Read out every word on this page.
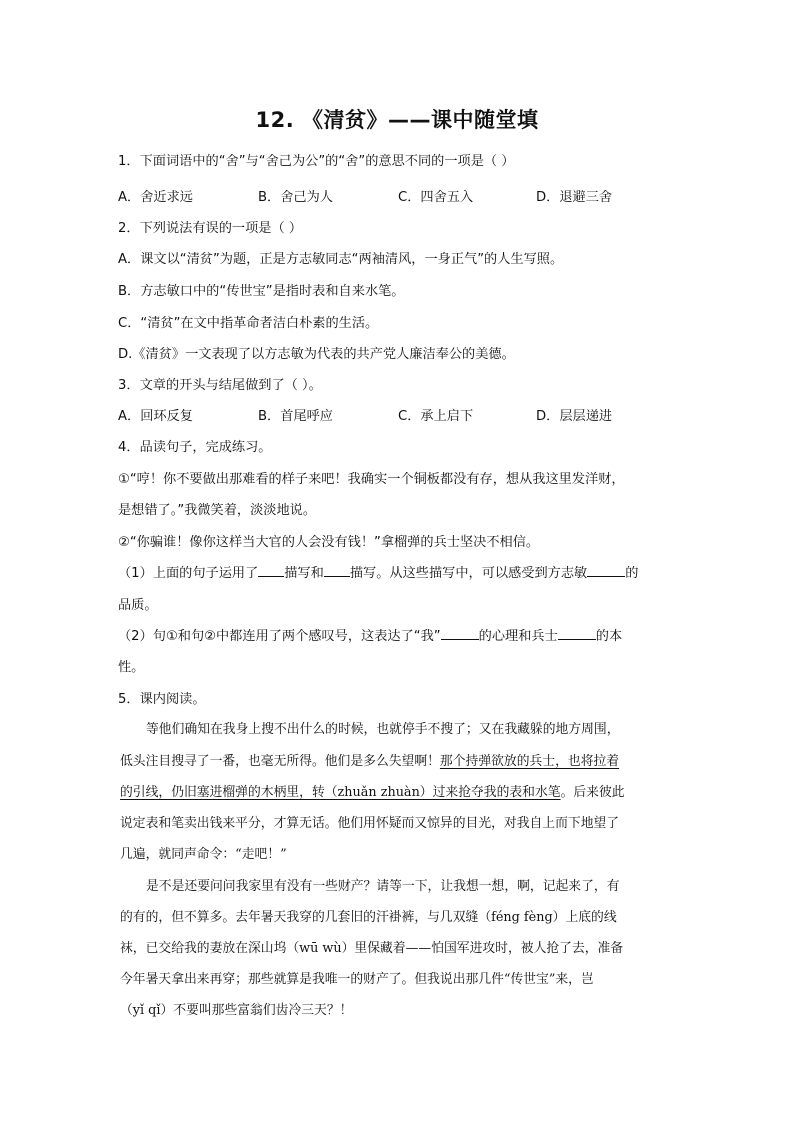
12. 《清贫》——课中随堂填
1．下面词语中的“舍”与“舍己为公”的“舍”的意思不同的一项是（ ）
A．舍近求远	B．舍己为人	C．四舍五入	D．退避三舍
2．下列说法有误的一项是（ ）
A．课文以“清贫”为题，正是方志敏同志“两袖清风，一身正气”的人生写照。
B．方志敏口中的“传世宝”是指时表和自来水笔。
C．“清贫”在文中指革命者洁白朴素的生活。
D.《清贫》一文表现了以方志敏为代表的共产党人廉洁奉公的美德。
3．文章的开头与结尾做到了（ ）。
A．回环反复	B．首尾呼应	C．承上启下	D．层层递进
4．品读句子，完成练习。
①“哼！你不要做出那难看的样子来吧！我确实一个铜板都没有存，想从我这里发洋财，
是想错了。”我微笑着，淡淡地说。
②“你骗谁！像你这样当大官的人会没有钱！”拿榴弹的兵士坚决不相信。
（1）上面的句子运用了 描写和 描写。从这些描写中，可以感受到方志敏	的
品质。
（2）句①和句②中都连用了两个感叹号，这表达了“我”	的心理和兵士	的本
性。
5．课内阅读。
等他们确知在我身上搜不出什么的时候，也就停手不搜了；又在我藏躲的地方周围，
低头注目搜寻了一番，也毫无所得。他们是多么失望啊！那个持弹欲放的兵士，也将拉着
的引线，仍旧塞进榴弹的木柄里，转（zhuǎn zhuàn）过来抢夺我的表和水笔。后来彼此
说定表和笔卖出钱来平分，才算无话。他们用怀疑而又惊异的目光，对我自上而下地望了
几遍，就同声命令：“走吧！”
是不是还要问问我家里有没有一些财产？请等一下，让我想一想，啊，记起来了，有
的有的，但不算多。去年暑天我穿的几套旧的汗褂裤，与几双缝（féng fèng）上底的线
袜，已交给我的妻放在深山坞（wū wù）里保藏着——怕国军进攻时，被人抢了去，准备
今年暑天拿出来再穿；那些就算是我唯一的财产了。但我说出那几件“传世宝”来，岂
（yǐ qǐ）不要叫那些富翁们齿冷三天？！
